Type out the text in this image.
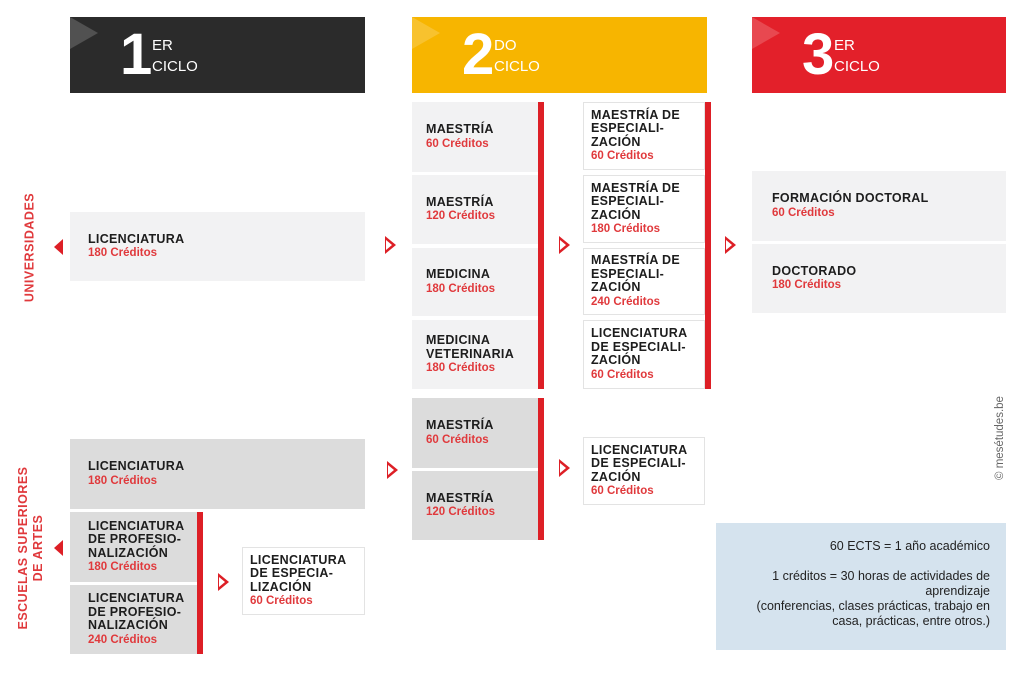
1 ER
CICLO	2 DO
CICLO	3 ER
CICLO
UNIVERSIDADES
ESCUELAS SUPERIORES DE ARTES
LICENCIATURA
180 Créditos
MAESTRÍA
60 Créditos
MAESTRÍA
120 Créditos
MEDICINA
180 Créditos
MEDICINA VETERINARIA
180 Créditos
MAESTRÍA DE ESPECIALI- ZACIÓN
60 Créditos
MAESTRÍA DE ESPECIALI- ZACIÓN
180 Créditos
MAESTRÍA DE ESPECIALI- ZACIÓN
240 Créditos
LICENCIATURA DE ESPECIALI- ZACIÓN
60 Créditos
FORMACIÓN DOCTORAL
60 Créditos
DOCTORADO
180 Créditos
LICENCIATURA
180 Créditos
LICENCIATURA DE PROFESIO- NALIZACIÓN
180 Créditos
LICENCIATURA DE PROFESIO- NALIZACIÓN
240 Créditos
LICENCIATURA DE ESPECIA- LIZACIÓN
60 Créditos
MAESTRÍA
60 Créditos
MAESTRÍA
120 Créditos
LICENCIATURA DE ESPECIALI- ZACIÓN
60 Créditos
60 ECTS = 1 año académico
1 créditos = 30 horas de actividades de aprendizaje
(conferencias, clases prácticas, trabajo en casa, prácticas, entre otros.)
© mesétudes.be
